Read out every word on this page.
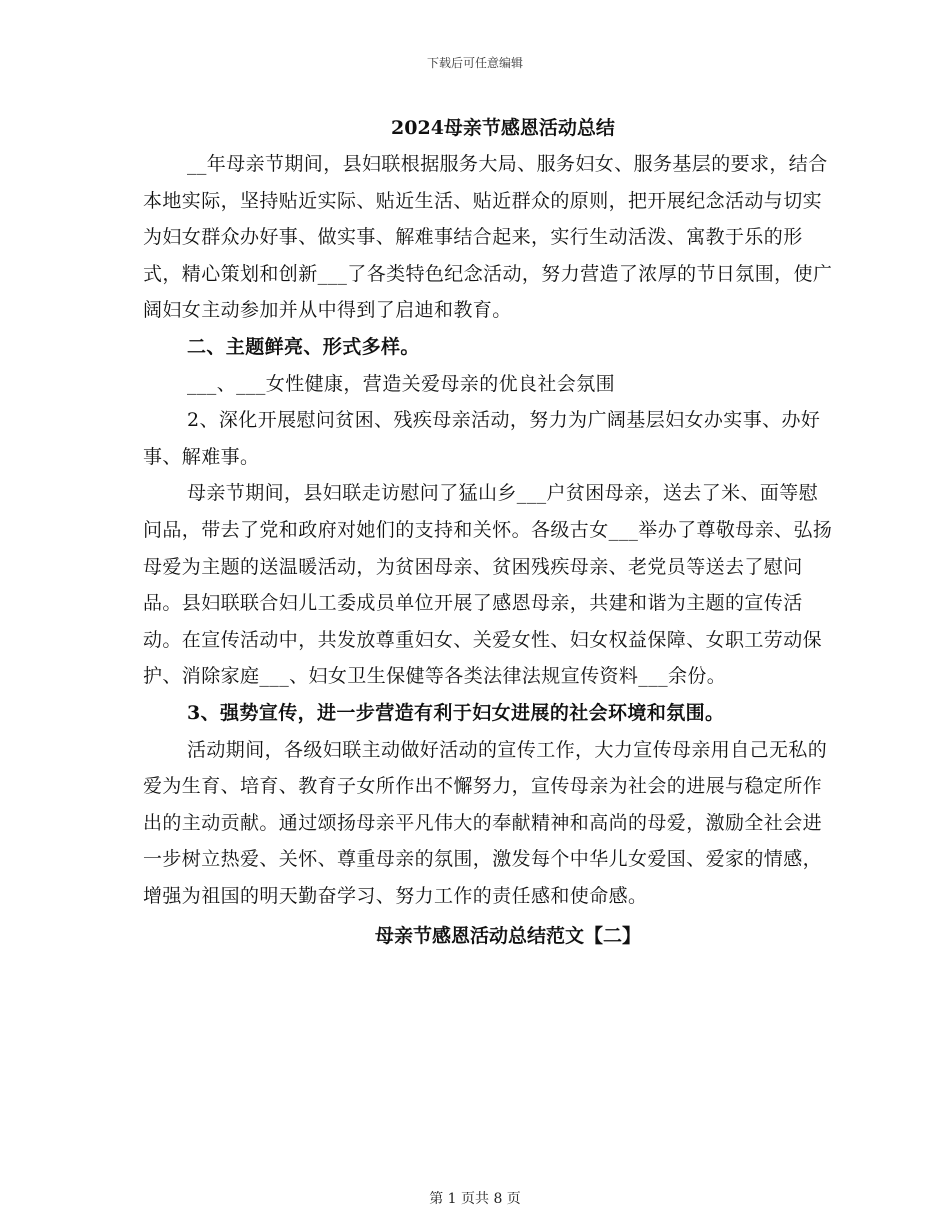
下载后可任意编辑

2024母亲节感恩活动总结

__年母亲节期间，县妇联根据服务大局、服务妇女、服务基层的要求，结合本地实际，坚持贴近实际、贴近生活、贴近群众的原则，把开展纪念活动与切实为妇女群众办好事、做实事、解难事结合起来，实行生动活泼、寓教于乐的形式，精心策划和创新___了各类特色纪念活动，努力营造了浓厚的节日氛围，使广阔妇女主动参加并从中得到了启迪和教育。

二、主题鲜亮、形式多样。

___、___女性健康，营造关爱母亲的优良社会氛围

2、深化开展慰问贫困、残疾母亲活动，努力为广阔基层妇女办实事、办好事、解难事。

母亲节期间，县妇联走访慰问了猛山乡___户贫困母亲，送去了米、面等慰问品，带去了党和政府对她们的支持和关怀。各级古女___举办了尊敬母亲、弘扬母爱为主题的送温暖活动，为贫困母亲、贫困残疾母亲、老党员等送去了慰问品。县妇联联合妇儿工委成员单位开展了感恩母亲，共建和谐为主题的宣传活动。在宣传活动中，共发放尊重妇女、关爱女性、妇女权益保障、女职工劳动保护、消除家庭___、妇女卫生保健等各类法律法规宣传资料___余份。

3、强势宣传，进一步营造有利于妇女进展的社会环境和氛围。

活动期间，各级妇联主动做好活动的宣传工作，大力宣传母亲用自己无私的爱为生育、培育、教育子女所作出不懈努力，宣传母亲为社会的进展与稳定所作出的主动贡献。通过颂扬母亲平凡伟大的奉献精神和高尚的母爱，激励全社会进一步树立热爱、关怀、尊重母亲的氛围，激发每个中华儿女爱国、爱家的情感，增强为祖国的明天勤奋学习、努力工作的责任感和使命感。

母亲节感恩活动总结范文【二】

第 1 页共 8 页
